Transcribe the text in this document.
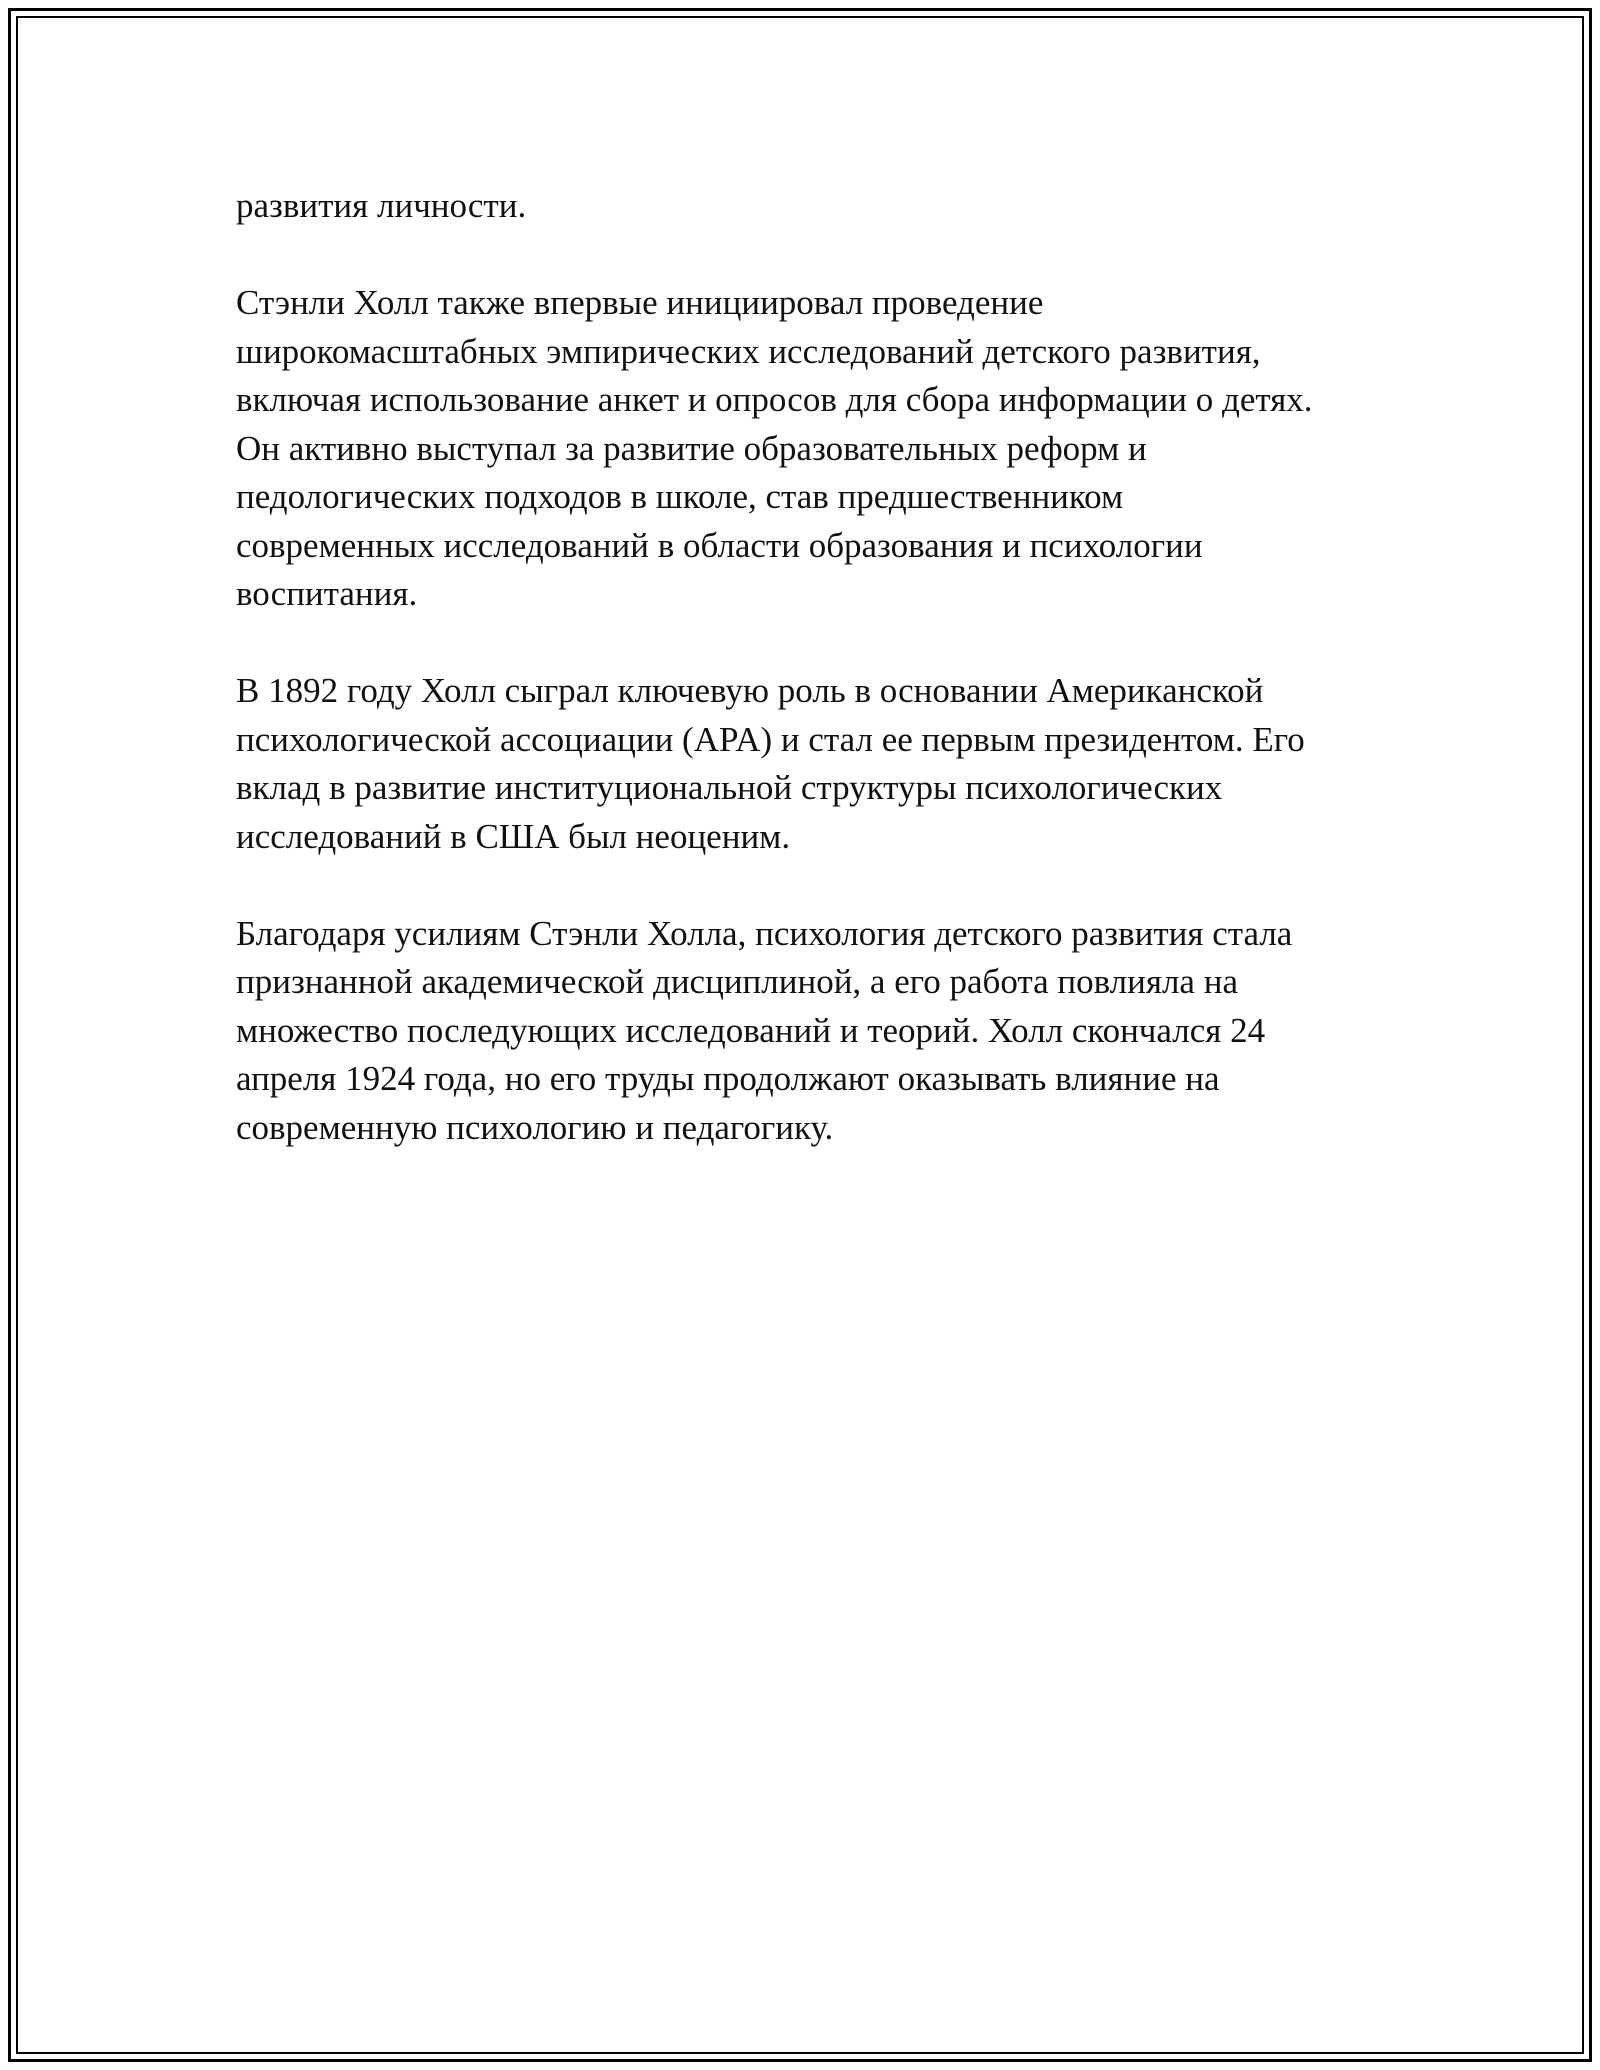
развития личности.

Стэнли Холл также впервые инициировал проведение
широкомасштабных эмпирических исследований детского развития,
включая использование анкет и опросов для сбора информации о детях.
Он активно выступал за развитие образовательных реформ и
педологических подходов в школе, став предшественником
современных исследований в области образования и психологии
воспитания.

В 1892 году Холл сыграл ключевую роль в основании Американской
психологической ассоциации (APA) и стал ее первым президентом. Его
вклад в развитие институциональной структуры психологических
исследований в США был неоценим.

Благодаря усилиям Стэнли Холла, психология детского развития стала
признанной академической дисциплиной, а его работа повлияла на
множество последующих исследований и теорий. Холл скончался 24
апреля 1924 года, но его труды продолжают оказывать влияние на
современную психологию и педагогику.
